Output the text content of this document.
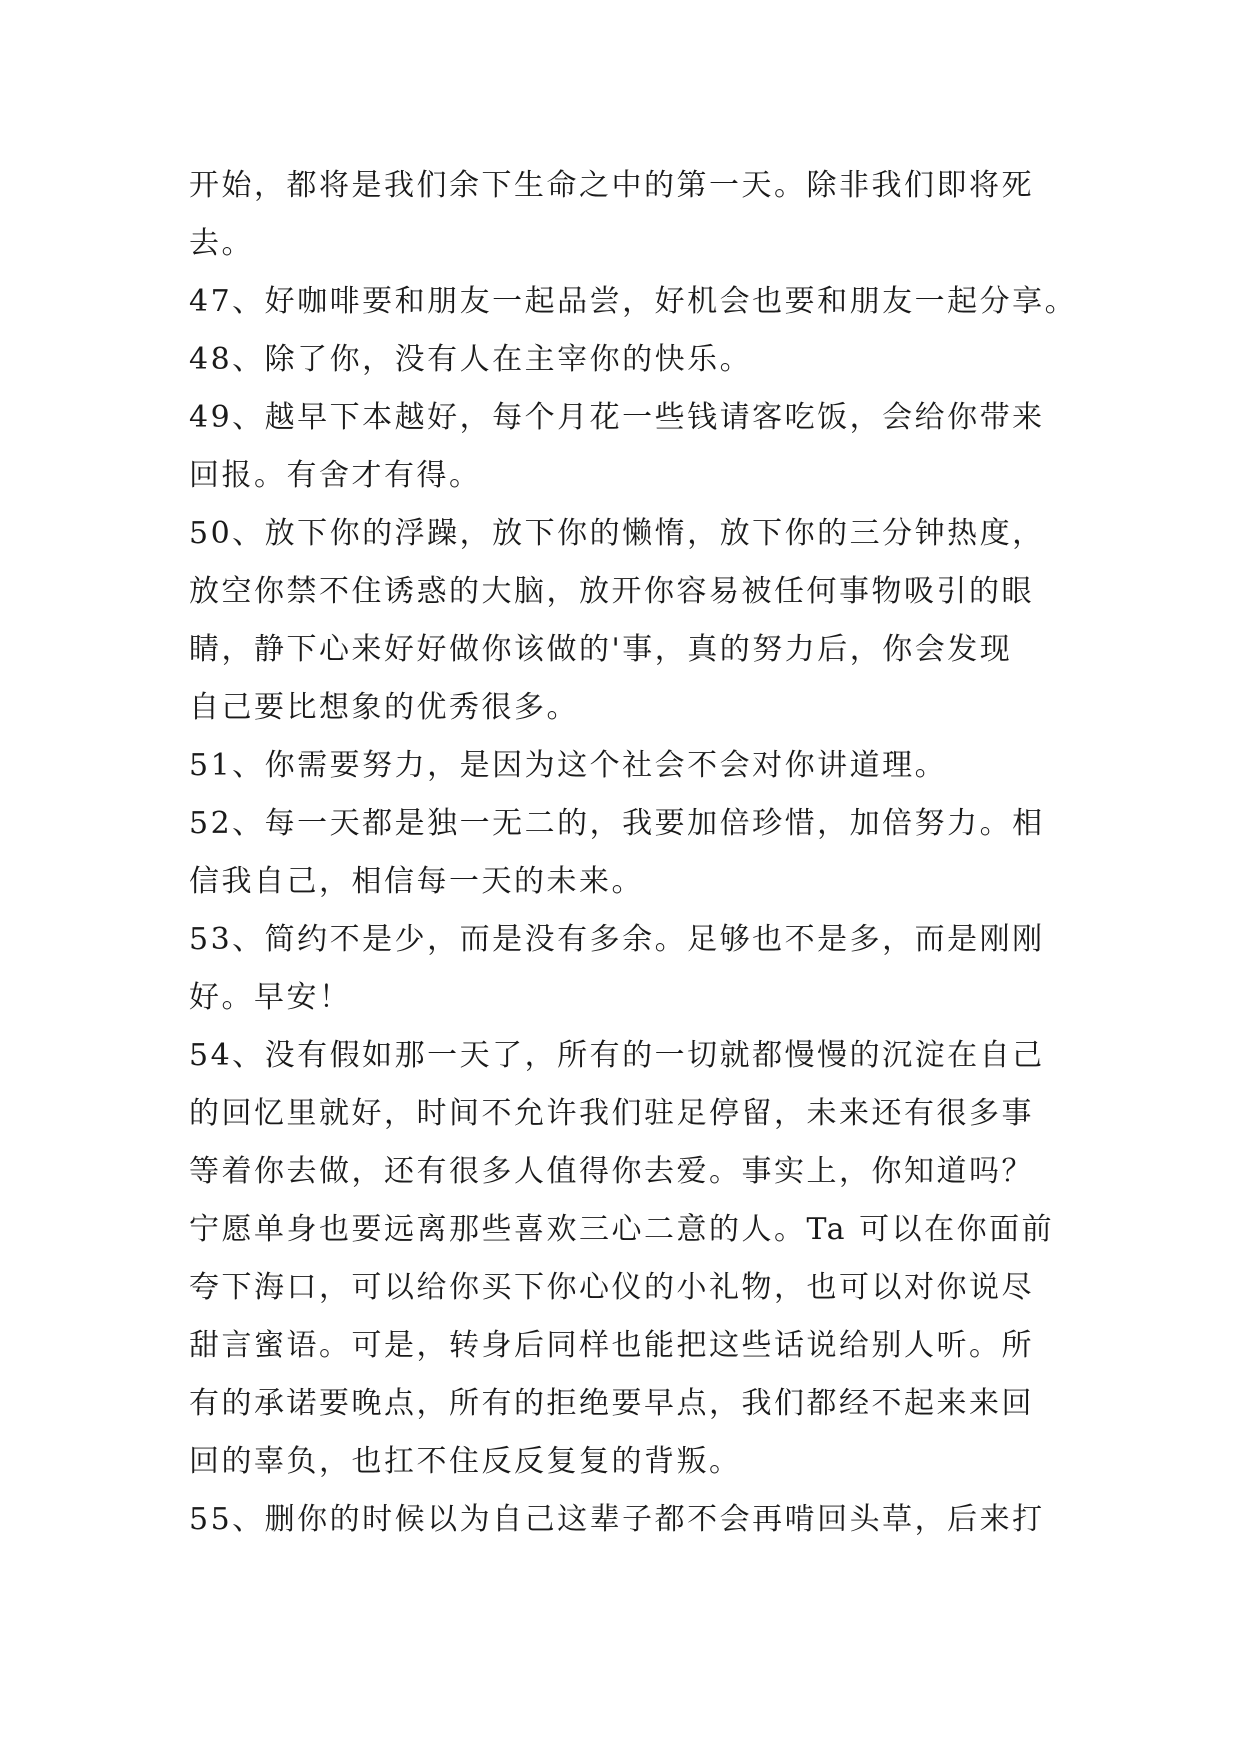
开始，都将是我们余下生命之中的第一天。除非我们即将死
去。
47、好咖啡要和朋友一起品尝，好机会也要和朋友一起分享。
48、除了你，没有人在主宰你的快乐。
49、越早下本越好，每个月花一些钱请客吃饭，会给你带来
回报。有舍才有得。
50、放下你的浮躁，放下你的懒惰，放下你的三分钟热度，
放空你禁不住诱惑的大脑，放开你容易被任何事物吸引的眼
睛，静下心来好好做你该做的'事，真的努力后，你会发现
自己要比想象的优秀很多。
51、你需要努力，是因为这个社会不会对你讲道理。
52、每一天都是独一无二的，我要加倍珍惜，加倍努力。相
信我自己，相信每一天的未来。
53、简约不是少，而是没有多余。足够也不是多，而是刚刚
好。早安！
54、没有假如那一天了，所有的一切就都慢慢的沉淀在自己
的回忆里就好，时间不允许我们驻足停留，未来还有很多事
等着你去做，还有很多人值得你去爱。事实上，你知道吗？
宁愿单身也要远离那些喜欢三心二意的人。Ta 可以在你面前
夸下海口，可以给你买下你心仪的小礼物，也可以对你说尽
甜言蜜语。可是，转身后同样也能把这些话说给别人听。所
有的承诺要晚点，所有的拒绝要早点，我们都经不起来来回
回的辜负，也扛不住反反复复的背叛。
55、删你的时候以为自己这辈子都不会再啃回头草，后来打
